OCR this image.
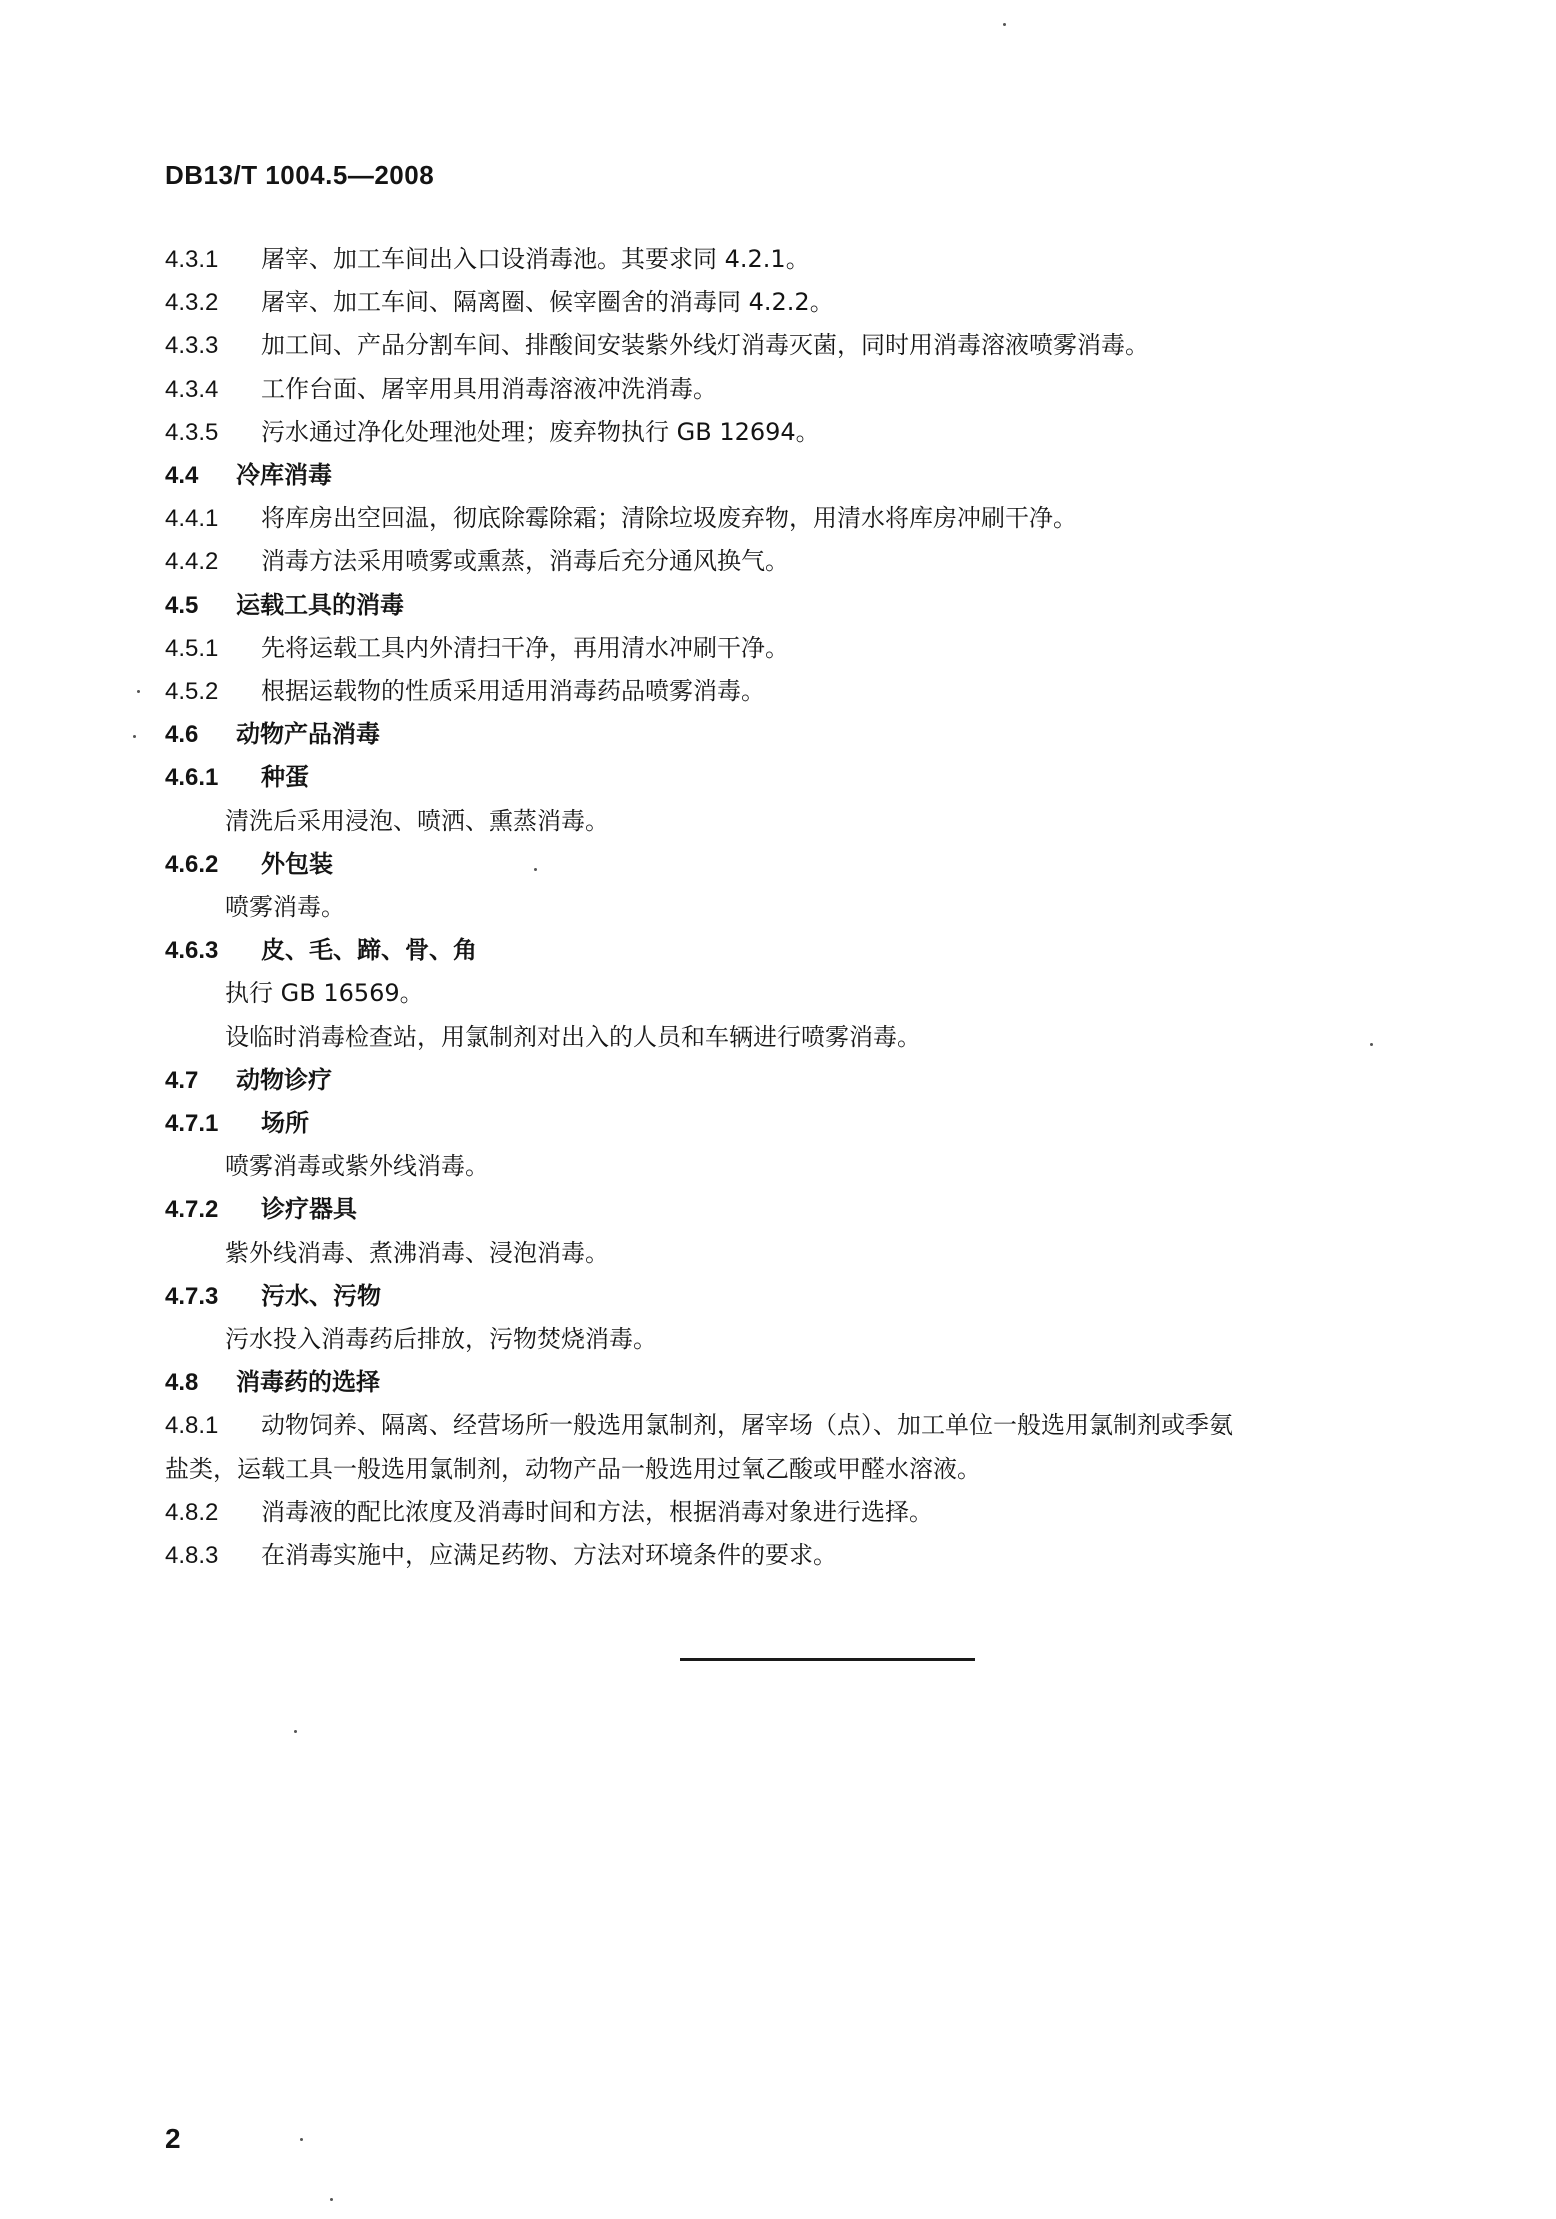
DB13/T 1004.5—2008
4.3.1 屠宰、加工车间出入口设消毒池。其要求同 4.2.1。
4.3.2 屠宰、加工车间、隔离圈、候宰圈舍的消毒同 4.2.2。
4.3.3 加工间、产品分割车间、排酸间安装紫外线灯消毒灭菌，同时用消毒溶液喷雾消毒。
4.3.4 工作台面、屠宰用具用消毒溶液冲洗消毒。
4.3.5 污水通过净化处理池处理；废弃物执行 GB 12694。
4.4 冷库消毒
4.4.1 将库房出空回温，彻底除霉除霜；清除垃圾废弃物，用清水将库房冲刷干净。
4.4.2 消毒方法采用喷雾或熏蒸，消毒后充分通风换气。
4.5 运载工具的消毒
4.5.1 先将运载工具内外清扫干净，再用清水冲刷干净。
4.5.2 根据运载物的性质采用适用消毒药品喷雾消毒。
4.6 动物产品消毒
4.6.1 种蛋
清洗后采用浸泡、喷洒、熏蒸消毒。
4.6.2 外包装
喷雾消毒。
4.6.3 皮、毛、蹄、骨、角
执行 GB 16569。
设临时消毒检查站，用氯制剂对出入的人员和车辆进行喷雾消毒。
4.7 动物诊疗
4.7.1 场所
喷雾消毒或紫外线消毒。
4.7.2 诊疗器具
紫外线消毒、煮沸消毒、浸泡消毒。
4.7.3 污水、污物
污水投入消毒药后排放，污物焚烧消毒。
4.8 消毒药的选择
4.8.1 动物饲养、隔离、经营场所一般选用氯制剂，屠宰场（点）、加工单位一般选用氯制剂或季氨
盐类，运载工具一般选用氯制剂，动物产品一般选用过氧乙酸或甲醛水溶液。
4.8.2 消毒液的配比浓度及消毒时间和方法，根据消毒对象进行选择。
4.8.3 在消毒实施中，应满足药物、方法对环境条件的要求。
2
